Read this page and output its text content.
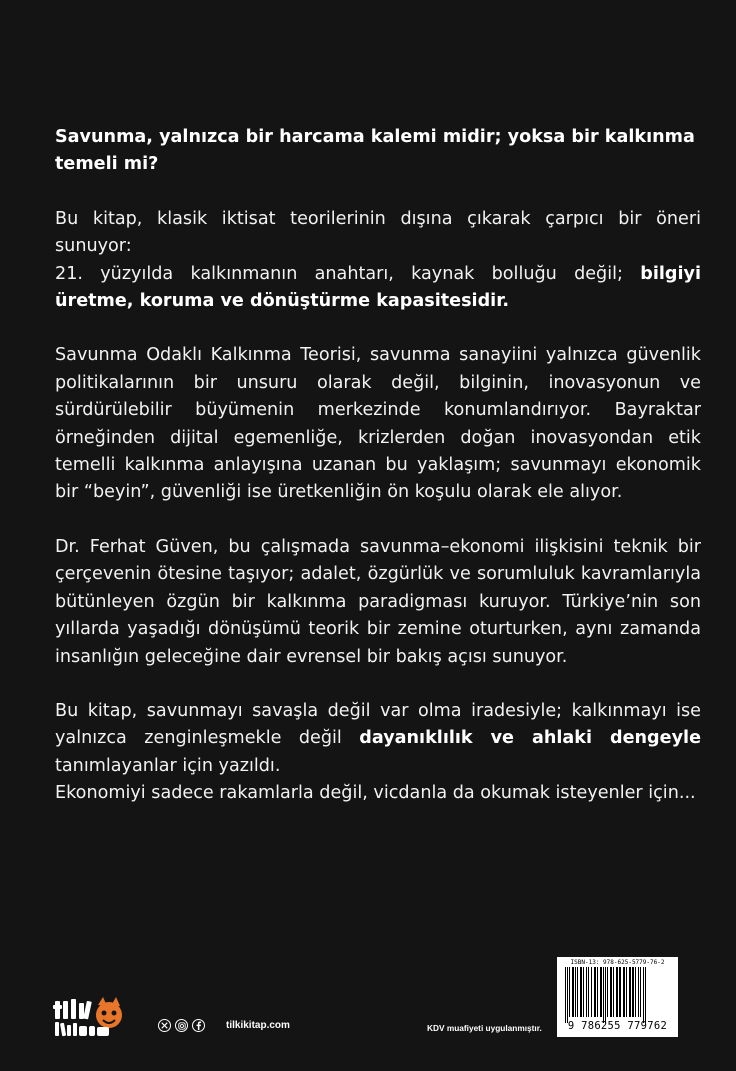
Savunma, yalnızca bir harcama kalemi midir; yoksa bir kalkınma temeli mi?

Bu kitap, klasik iktisat teorilerinin dışına çıkarak çarpıcı bir öneri sunuyor:

21. yüzyılda kalkınmanın anahtarı, kaynak bolluğu değil; bilgiyi üretme, koruma ve dönüştürme kapasitesidir.

Savunma Odaklı Kalkınma Teorisi, savunma sanayiini yalnızca güvenlik politikalarının bir unsuru olarak değil, bilginin, inovasyonun ve sürdürülebilir büyümenin merkezinde konumlandırıyor. Bayraktar örneğinden dijital egemenliğe, krizlerden doğan inovasyondan etik temelli kalkınma anlayışına uzanan bu yaklaşım; savunmayı ekonomik bir “beyin”, güvenliği ise üretkenliğin ön koşulu olarak ele alıyor.

Dr. Ferhat Güven, bu çalışmada savunma–ekonomi ilişkisini teknik bir çerçevenin ötesine taşıyor; adalet, özgürlük ve sorumluluk kavramlarıyla bütünleyen özgün bir kalkınma paradigması kuruyor. Türkiye’nin son yıllarda yaşadığı dönüşümü teorik bir zemine oturturken, aynı zamanda insanlığın geleceğine dair evrensel bir bakış açısı sunuyor.

Bu kitap, savunmayı savaşla değil var olma iradesiyle; kalkınmayı ise yalnızca zenginleşmekle değil dayanıklılık ve ahlaki dengeyle tanımlayanlar için yazıldı.

Ekonomiyi sadece rakamlarla değil, vicdanla da okumak isteyenler için...

ISBN-13: 978-625-5779-76-2
9 786255 779762
tilkikitap.com	KDV muafiyeti uygulanmıştır.
